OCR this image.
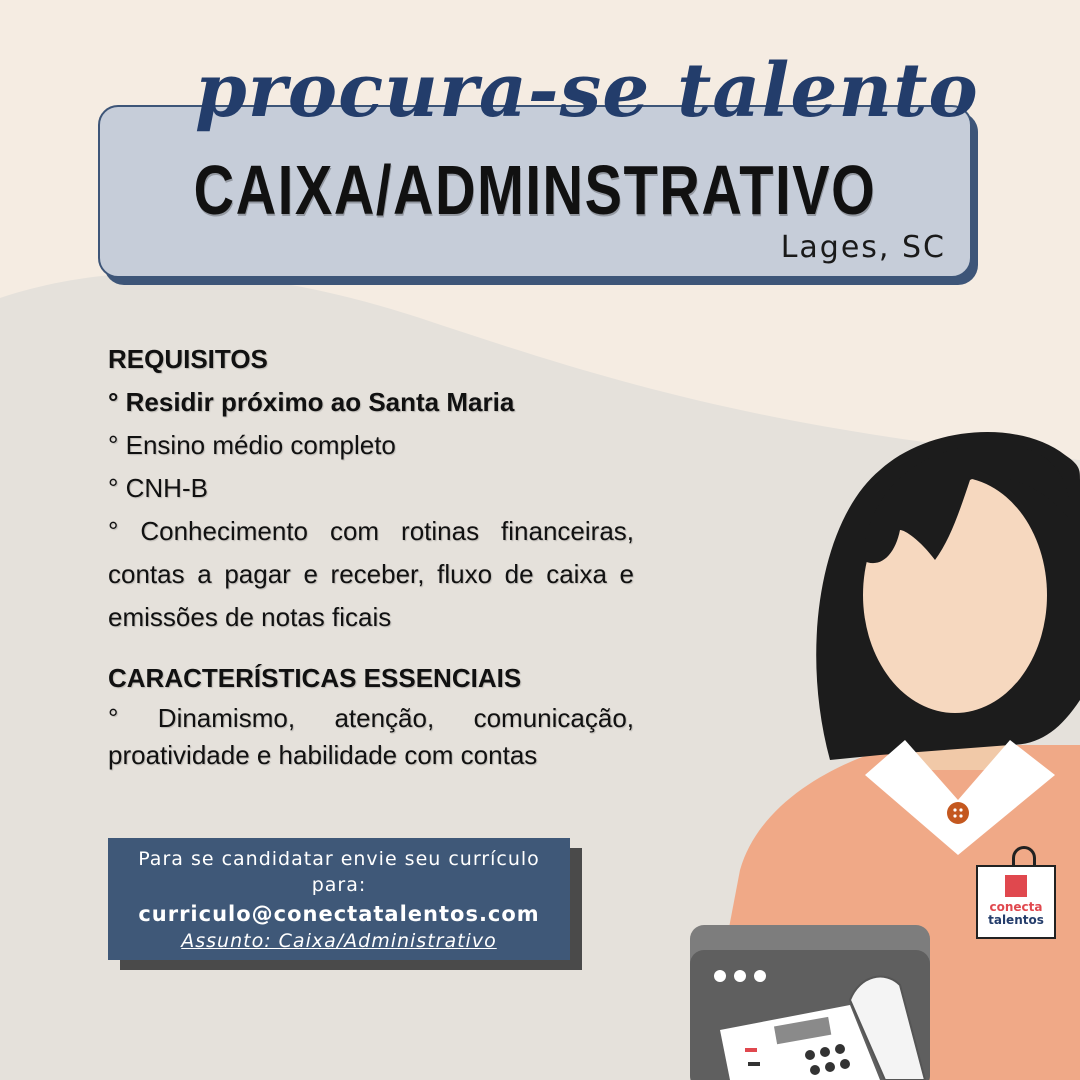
procura-se talento
CAIXA/ADMINSTRATIVO
Lages, SC
REQUISITOS
° Residir próximo ao Santa Maria
° Ensino médio completo
° CNH-B
° Conhecimento com rotinas financeiras, contas a pagar e receber, fluxo de caixa e emissões de notas ficais
CARACTERÍSTICAS ESSENCIAIS
° Dinamismo, atenção, comunicação, proatividade e habilidade com contas
Para se candidatar envie seu currículo para:
curriculo@conectatalentos.com
Assunto: Caixa/Administrativo
conecta
talentos
